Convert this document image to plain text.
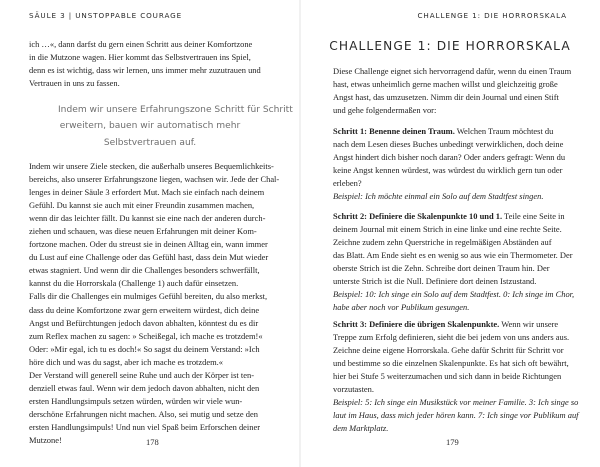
SÄULE 3 | UNSTOPPABLE COURAGE
ich …«, dann darfst du gern einen Schritt aus deiner Komfortzone
in die Mutzone wagen. Hier kommt das Selbstvertrauen ins Spiel,
denn es ist wichtig, dass wir lernen, uns immer mehr zuzutrauen und
Vertrauen in uns zu fassen.
Indem wir unsere Erfahrungszone Schritt für Schritt
erweitern, bauen wir automatisch mehr
Selbstvertrauen auf.
Indem wir unsere Ziele stecken, die außerhalb unseres Bequemlichkeits-
bereichs, also unserer Erfahrungszone liegen, wachsen wir. Jede der Chal-
lenges in deiner Säule 3 erfordert Mut. Mach sie einfach nach deinem
Gefühl. Du kannst sie auch mit einer Freundin zusammen machen,
wenn dir das leichter fällt. Du kannst sie eine nach der anderen durch-
ziehen und schauen, was diese neuen Erfahrungen mit deiner Kom-
fortzone machen. Oder du streust sie in deinen Alltag ein, wann immer
du Lust auf eine Challenge oder das Gefühl hast, dass dein Mut wieder
etwas stagniert. Und wenn dir die Challenges besonders schwerfällt,
kannst du die Horrorskala (Challenge 1) auch dafür einsetzen.
Falls dir die Challenges ein mulmiges Gefühl bereiten, du also merkst,
dass du deine Komfortzone zwar gern erweitern würdest, dich deine
Angst und Befürchtungen jedoch davon abhalten, könntest du es dir
zum Reflex machen zu sagen: » Scheißegal, ich mache es trotzdem!«
Oder: »Mir egal, ich tu es doch!« So sagst du deinem Verstand: »Ich
höre dich und was du sagst, aber ich mache es trotzdem.«
Der Verstand will generell seine Ruhe und auch der Körper ist ten-
denziell etwas faul. Wenn wir dem jedoch davon abhalten, nicht den
ersten Handlungsimpuls setzen würden, würden wir viele wun-
derschöne Erfahrungen nicht machen. Also, sei mutig und setze den
ersten Handlungsimpuls! Und nun viel Spaß beim Erforschen deiner
Mutzone!	178
CHALLENGE 1: DIE HORRORSKALA
Diese Challenge eignet sich hervorragend dafür, wenn du einen Traum
hast, etwas unheimlich gerne machen willst und gleichzeitig große
Angst hast, das umzusetzen. Nimm dir dein Journal und einen Stift
und gehe folgendermaßen vor:
Schritt 1: Benenne deinen Traum. Welchen Traum möchtest du
nach dem Lesen dieses Buches unbedingt verwirklichen, doch deine
Angst hindert dich bisher noch daran? Oder anders gefragt: Wenn du
keine Angst kennen würdest, was würdest du wirklich gern tun oder
erleben?
Beispiel: Ich möchte einmal ein Solo auf dem Stadtfest singen.
Schritt 2: Definiere die Skalenpunkte 10 und 1. Teile eine Seite in
deinem Journal mit einem Strich in eine linke und eine rechte Seite.
Zeichne zudem zehn Querstriche in regelmäßigen Abständen auf
das Blatt. Am Ende sieht es en wenig so aus wie ein Thermometer. Der
oberste Strich ist die Zehn. Schreibe dort deinen Traum hin. Der
unterste Strich ist die Null. Definiere dort deinen Istzustand.
Beispiel: 10: Ich singe ein Solo auf dem Stadtfest. 0: Ich singe im Chor,
habe aber noch vor Publikum gesungen.
Schritt 3: Definiere die übrigen Skalenpunkte. Wenn wir unsere
Treppe zum Erfolg definieren, sieht die bei jedem von uns anders aus.
Zeichne deine eigene Horrorskala. Gehe dafür Schritt für Schritt vor
und bestimme so die einzelnen Skalenpunkte. Es hat sich oft bewährt,
hier bei Stufe 5 weiterzumachen und sich dann in beide Richtungen
vorzutasten.
Beispiel: 5: Ich singe ein Musikstück vor meiner Familie. 3: Ich singe so
laut im Haus, dass mich jeder hören kann. 7: Ich singe vor Publikum auf
dem Marktplatz.
179
CHALLENGE 1: DIE HORRORSKALA
